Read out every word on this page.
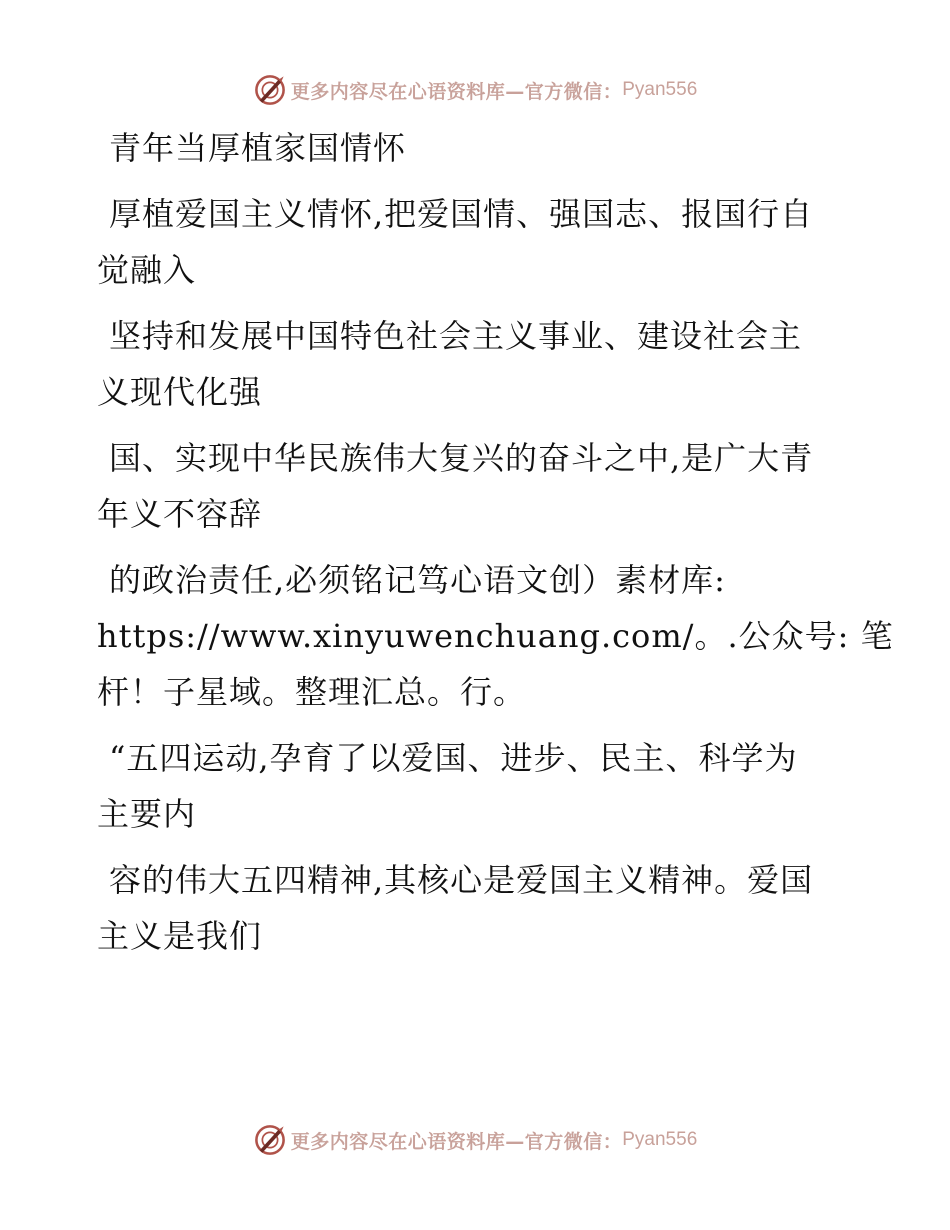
更多内容尽在心语资料库—官方微信： Pyan556
青年当厚植家国情怀
厚植爱国主义情怀,把爱国情、强国志、报国行自
觉融入
坚持和发展中国特色社会主义事业、建设社会主
义现代化强
国、实现中华民族伟大复兴的奋斗之中,是广大青
年义不容辞
的政治责任,必须铭记笃心语文创）素材库:
https://www.xinyuwenchuang.com/。.公众号: 笔
杆！子星域。整理汇总。行。
“五四运动,孕育了以爱国、进步、民主、科学为
主要内
容的伟大五四精神,其核心是爱国主义精神。爱国
主义是我们
更多内容尽在心语资料库—官方微信： Pyan556
